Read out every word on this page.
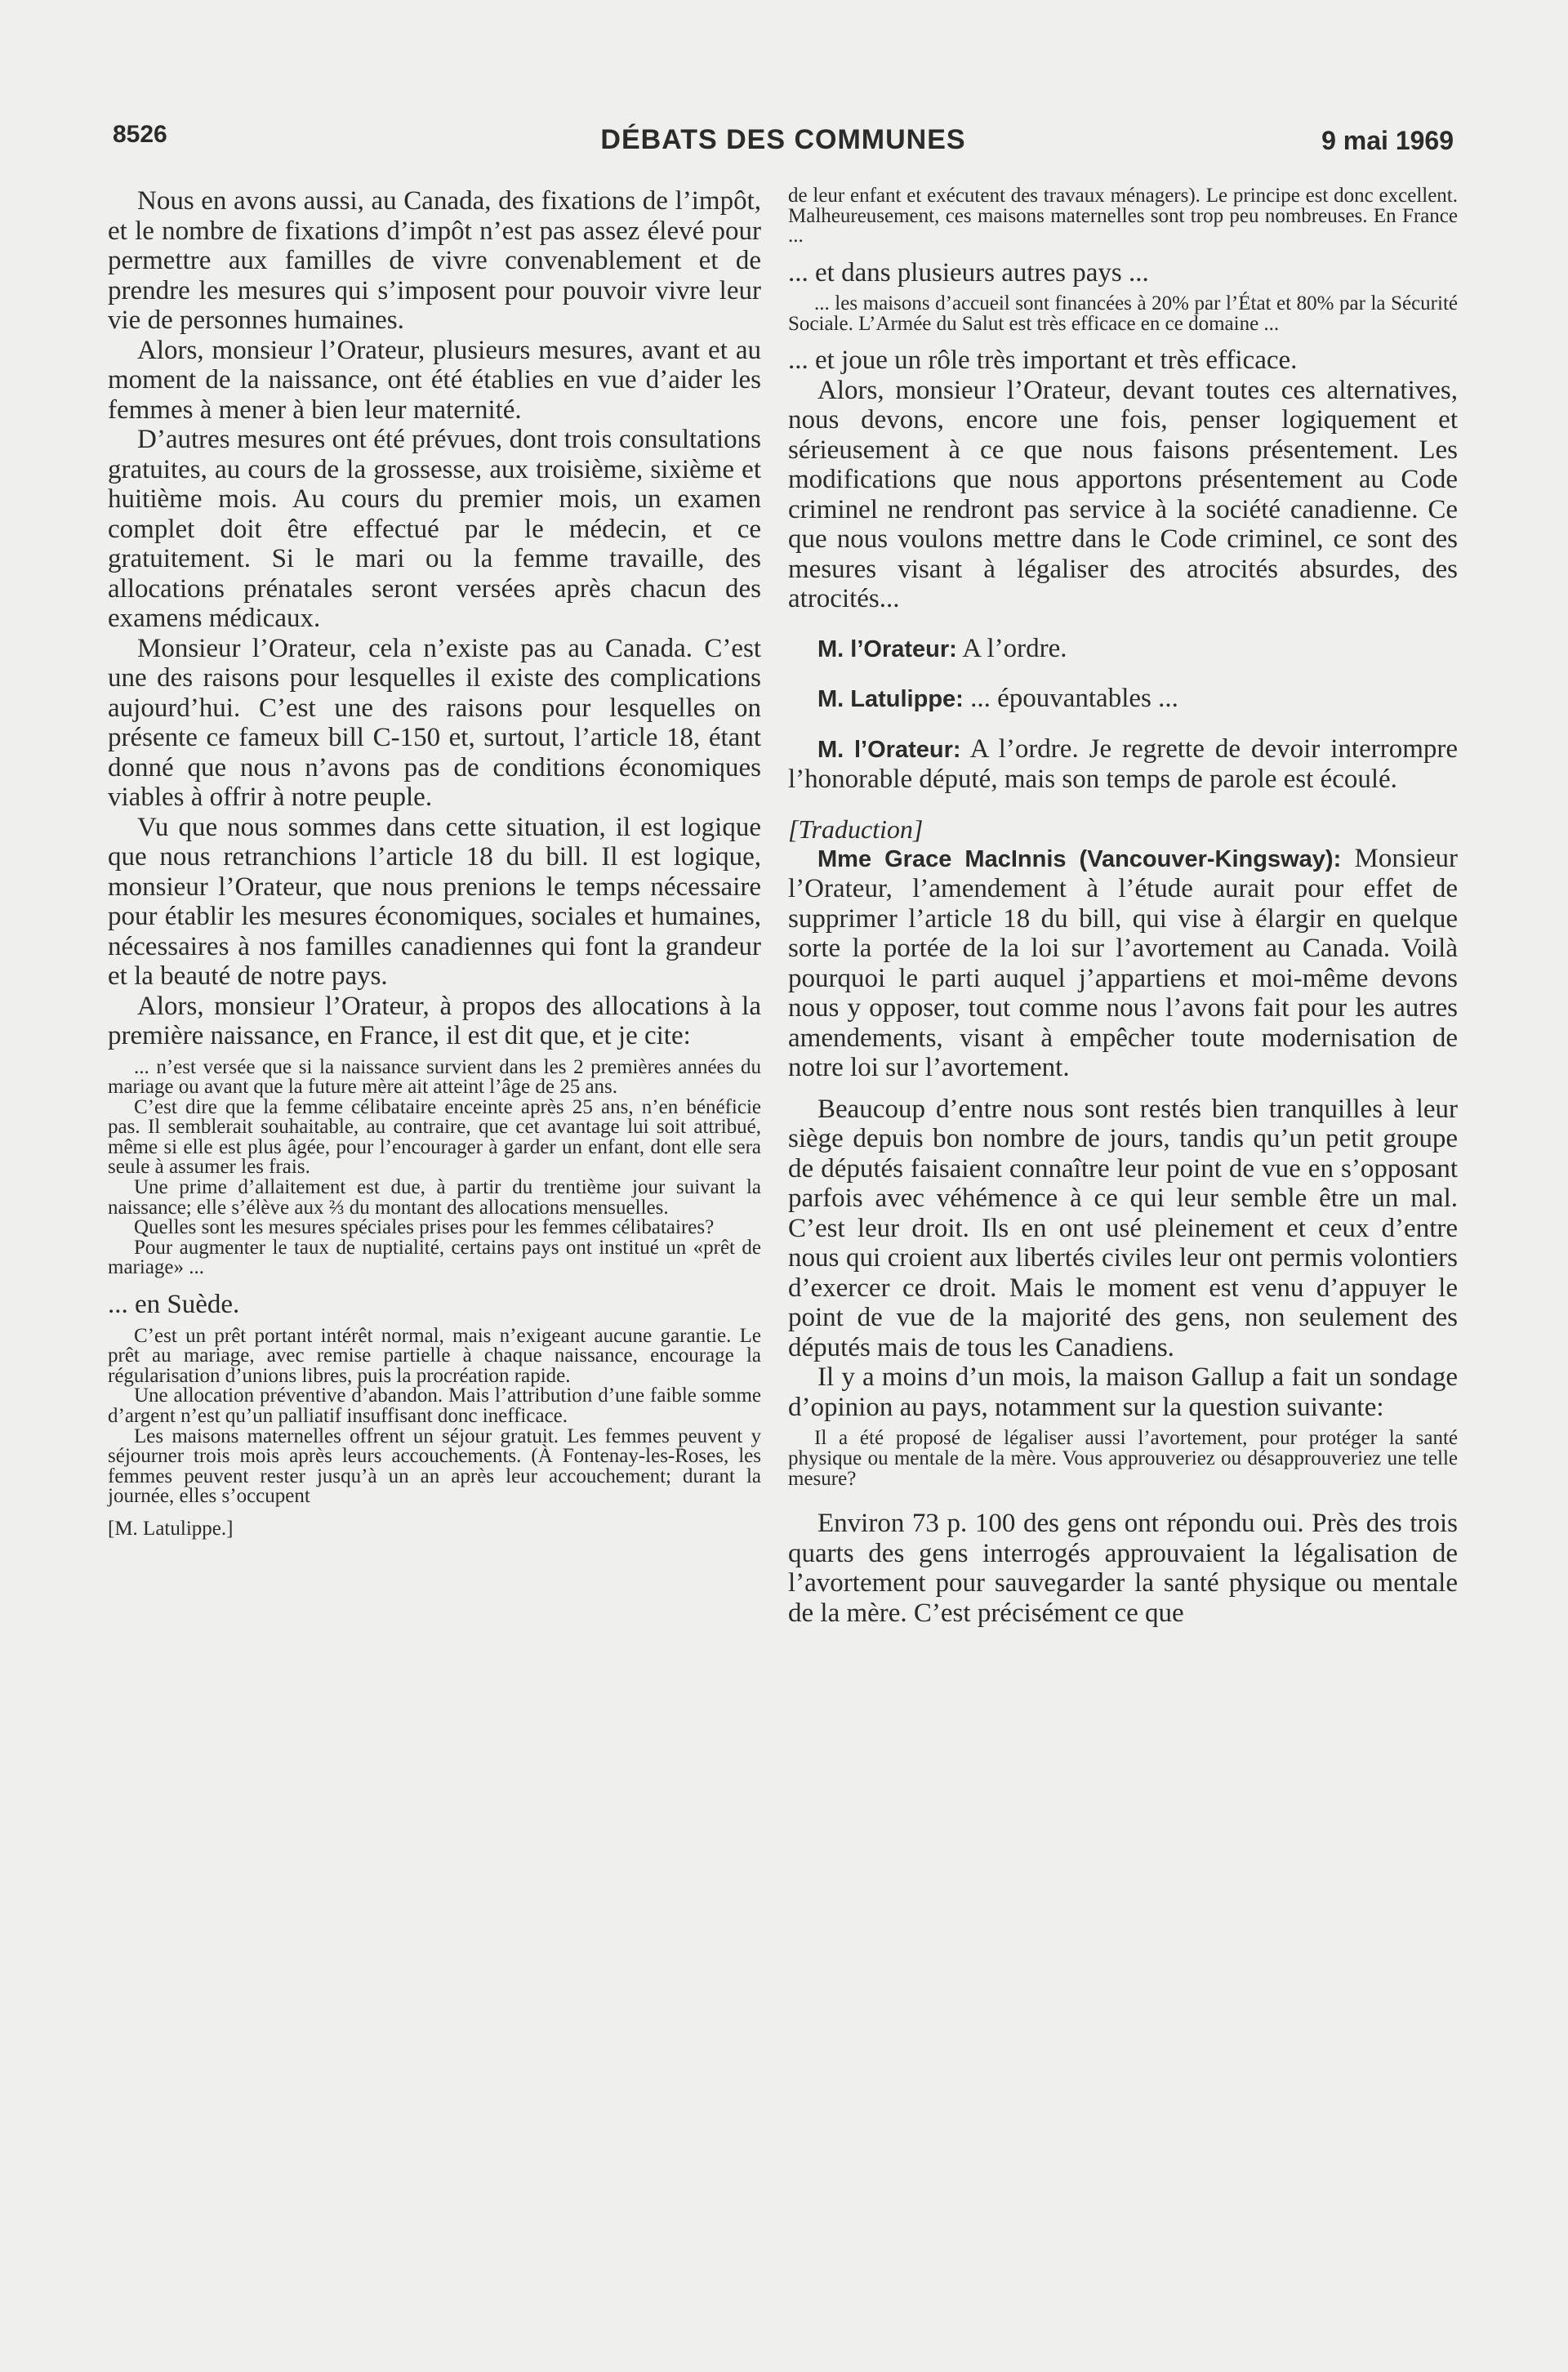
8526	DÉBATS DES COMMUNES	9 mai 1969

Nous en avons aussi, au Canada, des fixations de l’impôt, et le nombre de fixations d’impôt n’est pas assez élevé pour permettre aux familles de vivre convenablement et de prendre les mesures qui s’imposent pour pouvoir vivre leur vie de personnes humaines.

Alors, monsieur l’Orateur, plusieurs mesures, avant et au moment de la naissance, ont été établies en vue d’aider les femmes à mener à bien leur maternité.

D’autres mesures ont été prévues, dont trois consultations gratuites, au cours de la grossesse, aux troisième, sixième et huitième mois. Au cours du premier mois, un examen complet doit être effectué par le médecin, et ce gratuitement. Si le mari ou la femme travaille, des allocations prénatales seront versées après chacun des examens médicaux.

Monsieur l’Orateur, cela n’existe pas au Canada. C’est une des raisons pour lesquelles il existe des complications aujourd’hui. C’est une des raisons pour lesquelles on présente ce fameux bill C-150 et, surtout, l’article 18, étant donné que nous n’avons pas de conditions économiques viables à offrir à notre peuple.

Vu que nous sommes dans cette situation, il est logique que nous retranchions l’article 18 du bill. Il est logique, monsieur l’Orateur, que nous prenions le temps nécessaire pour établir les mesures économiques, sociales et humaines, nécessaires à nos familles canadiennes qui font la grandeur et la beauté de notre pays.

Alors, monsieur l’Orateur, à propos des allocations à la première naissance, en France, il est dit que, et je cite:

... n’est versée que si la naissance survient dans les 2 premières années du mariage ou avant que la future mère ait atteint l’âge de 25 ans.

C’est dire que la femme célibataire enceinte après 25 ans, n’en bénéficie pas. Il semblerait souhaitable, au contraire, que cet avantage lui soit attribué, même si elle est plus âgée, pour l’encourager à garder un enfant, dont elle sera seule à assumer les frais.

Une prime d’allaitement est due, à partir du trentième jour suivant la naissance; elle s’élève aux ⅔ du montant des allocations mensuelles.

Quelles sont les mesures spéciales prises pour les femmes célibataires?

Pour augmenter le taux de nuptialité, certains pays ont institué un «prêt de mariage» ...

... en Suède.

C’est un prêt portant intérêt normal, mais n’exigeant aucune garantie. Le prêt au mariage, avec remise partielle à chaque naissance, encourage la régularisation d’unions libres, puis la procréation rapide.

Une allocation préventive d’abandon. Mais l’attribution d’une faible somme d’argent n’est qu’un palliatif insuffisant donc inefficace.

Les maisons maternelles offrent un séjour gratuit. Les femmes peuvent y séjourner trois mois après leurs accouchements. (À Fontenay-les-Roses, les femmes peuvent rester jusqu’à un an après leur accouchement; durant la journée, elles s’occupent

[M. Latulippe.]

de leur enfant et exécutent des travaux ménagers). Le principe est donc excellent. Malheureusement, ces maisons maternelles sont trop peu nombreuses. En France ...

... et dans plusieurs autres pays ...

... les maisons d’accueil sont financées à 20% par l’État et 80% par la Sécurité Sociale. L’Armée du Salut est très efficace en ce domaine ...

... et joue un rôle très important et très efficace.

Alors, monsieur l’Orateur, devant toutes ces alternatives, nous devons, encore une fois, penser logiquement et sérieusement à ce que nous faisons présentement. Les modifications que nous apportons présentement au Code criminel ne rendront pas service à la société canadienne. Ce que nous voulons mettre dans le Code criminel, ce sont des mesures visant à légaliser des atrocités absurdes, des atrocités...

M. l’Orateur: A l’ordre.

M. Latulippe: ... épouvantables ...

M. l’Orateur: A l’ordre. Je regrette de devoir interrompre l’honorable député, mais son temps de parole est écoulé.

[Traduction]

Mme Grace MacInnis (Vancouver-Kingsway): Monsieur l’Orateur, l’amendement à l’étude aurait pour effet de supprimer l’article 18 du bill, qui vise à élargir en quelque sorte la portée de la loi sur l’avortement au Canada. Voilà pourquoi le parti auquel j’appartiens et moi-même devons nous y opposer, tout comme nous l’avons fait pour les autres amendements, visant à empêcher toute modernisation de notre loi sur l’avortement.

Beaucoup d’entre nous sont restés bien tranquilles à leur siège depuis bon nombre de jours, tandis qu’un petit groupe de députés faisaient connaître leur point de vue en s’opposant parfois avec véhémence à ce qui leur semble être un mal. C’est leur droit. Ils en ont usé pleinement et ceux d’entre nous qui croient aux libertés civiles leur ont permis volontiers d’exercer ce droit. Mais le moment est venu d’appuyer le point de vue de la majorité des gens, non seulement des députés mais de tous les Canadiens.

Il y a moins d’un mois, la maison Gallup a fait un sondage d’opinion au pays, notamment sur la question suivante:

Il a été proposé de légaliser aussi l’avortement, pour protéger la santé physique ou mentale de la mère. Vous approuveriez ou désapprouveriez une telle mesure?

Environ 73 p. 100 des gens ont répondu oui. Près des trois quarts des gens interrogés approuvaient la légalisation de l’avortement pour sauvegarder la santé physique ou mentale de la mère. C’est précisément ce que
